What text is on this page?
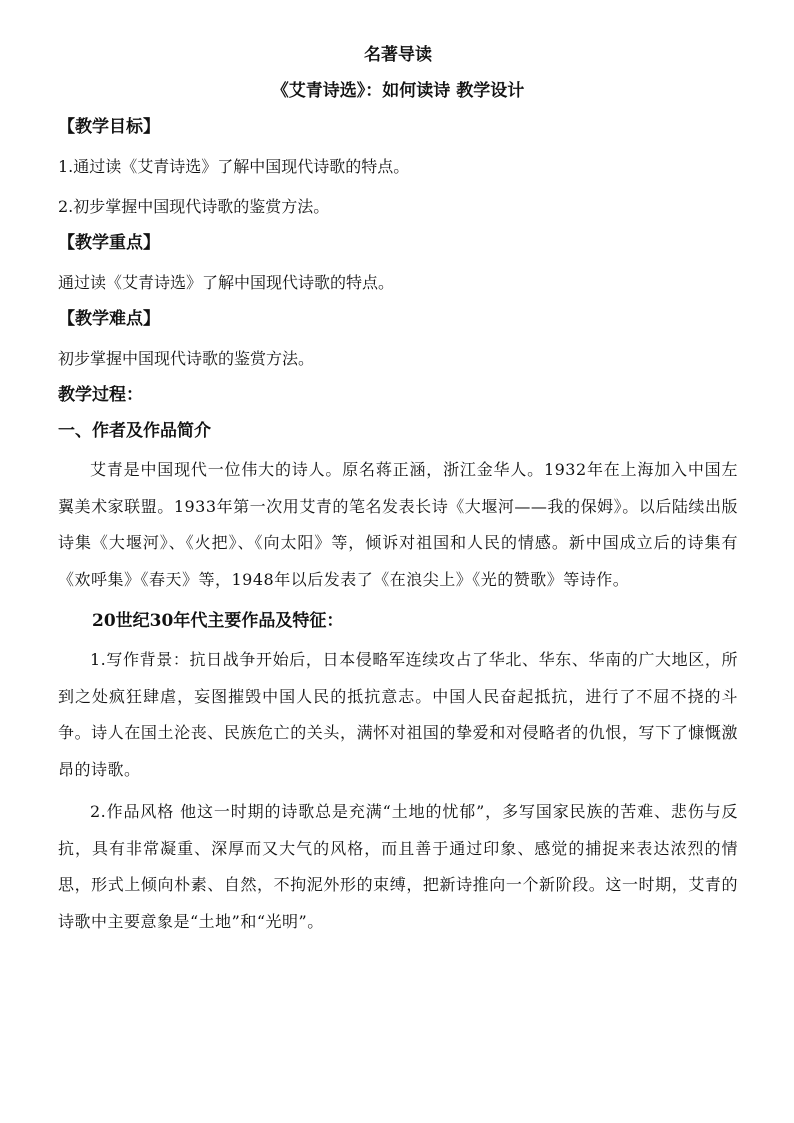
名著导读

《艾青诗选》：如何读诗 教学设计

【教学目标】

1.通过读《艾青诗选》了解中国现代诗歌的特点。

2.初步掌握中国现代诗歌的鉴赏方法。

【教学重点】

通过读《艾青诗选》了解中国现代诗歌的特点。

【教学难点】

初步掌握中国现代诗歌的鉴赏方法。

教学过程：

一、作者及作品简介

艾青是中国现代一位伟大的诗人。原名蒋正涵，浙江金华人。1932年在上海加入中国左翼美术家联盟。1933年第一次用艾青的笔名发表长诗《大堰河——我的保姆》。以后陆续出版诗集《大堰河》、《火把》、《向太阳》等，倾诉对祖国和人民的情感。新中国成立后的诗集有《欢呼集》《春天》等，1948年以后发表了《在浪尖上》《光的赞歌》等诗作。

20世纪30年代主要作品及特征：

1.写作背景：抗日战争开始后，日本侵略军连续攻占了华北、华东、华南的广大地区，所到之处疯狂肆虐，妄图摧毁中国人民的抵抗意志。中国人民奋起抵抗，进行了不屈不挠的斗争。诗人在国土沦丧、民族危亡的关头，满怀对祖国的挚爱和对侵略者的仇恨，写下了慷慨激昂的诗歌。

2.作品风格 他这一时期的诗歌总是充满“土地的忧郁”，多写国家民族的苦难、悲伤与反抗，具有非常凝重、深厚而又大气的风格，而且善于通过印象、感觉的捕捉来表达浓烈的情思，形式上倾向朴素、自然，不拘泥外形的束缚，把新诗推向一个新阶段。这一时期，艾青的诗歌中主要意象是“土地”和“光明”。
